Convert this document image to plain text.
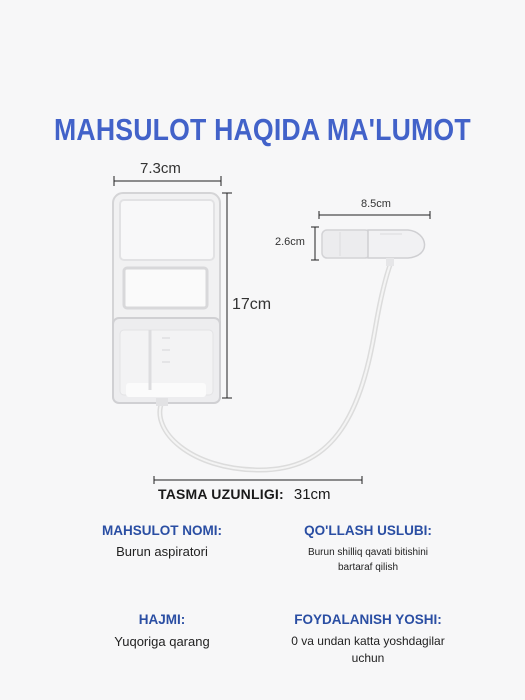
MAHSULOT HAQIDA MA'LUMOT
7.3cm
17cm
8.5cm
2.6cm
TASMA UZUNLIGI: 31cm
MAHSULOT NOMI:
Burun aspiratori
QO'LLASH USLUBI:
Burun shilliq qavati bitishini
bartaraf qilish
HAJMI:
Yuqoriga qarang
FOYDALANISH YOSHI:
0 va undan katta yoshdagilar
uchun
